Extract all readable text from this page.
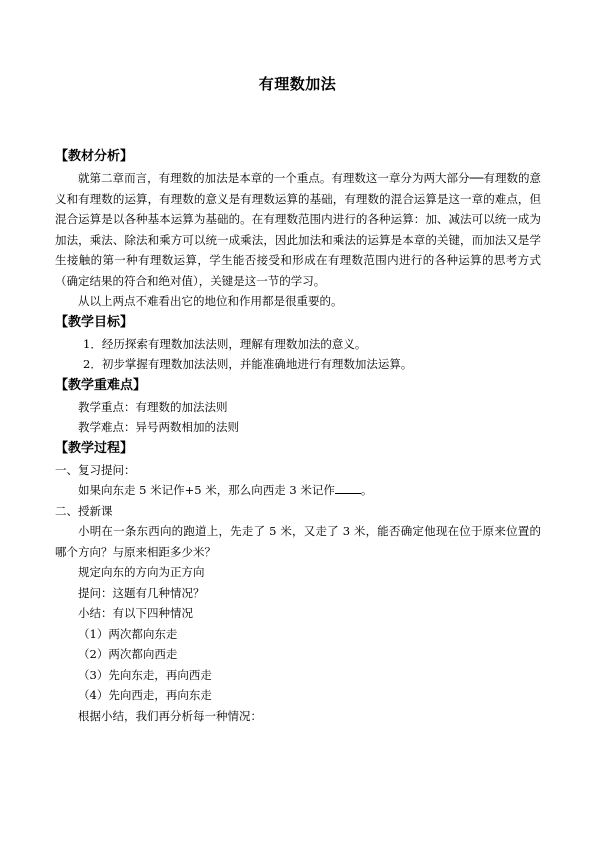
有理数加法

【教材分析】

就第二章而言，有理数的加法是本章的一个重点。有理数这一章分为两大部分──有理数的意义和有理数的运算，有理数的意义是有理数运算的基础，有理数的混合运算是这一章的难点，但混合运算是以各种基本运算为基础的。在有理数范围内进行的各种运算：加、减法可以统一成为加法，乘法、除法和乘方可以统一成乘法，因此加法和乘法的运算是本章的关键，而加法又是学生接触的第一种有理数运算，学生能否接受和形成在有理数范围内进行的各种运算的思考方式（确定结果的符合和绝对值），关键是这一节的学习。

从以上两点不难看出它的地位和作用都是很重要的。

【教学目标】

1．经历探索有理数加法法则，理解有理数加法的意义。

2．初步掌握有理数加法法则，并能准确地进行有理数加法运算。

【教学重难点】

教学重点：有理数的加法法则

教学难点：异号两数相加的法则

【教学过程】

一、复习提问：

如果向东走 5 米记作+5 米，那么向西走 3 米记作 。

二、授新课

小明在一条东西向的跑道上，先走了 5 米，又走了 3 米，能否确定他现在位于原来位置的哪个方向？与原来相距多少米？

规定向东的方向为正方向

提问：这题有几种情况？

小结：有以下四种情况

（1）两次都向东走

（2）两次都向西走

（3）先向东走，再向西走

（4）先向西走，再向东走

根据小结，我们再分析每一种情况：
